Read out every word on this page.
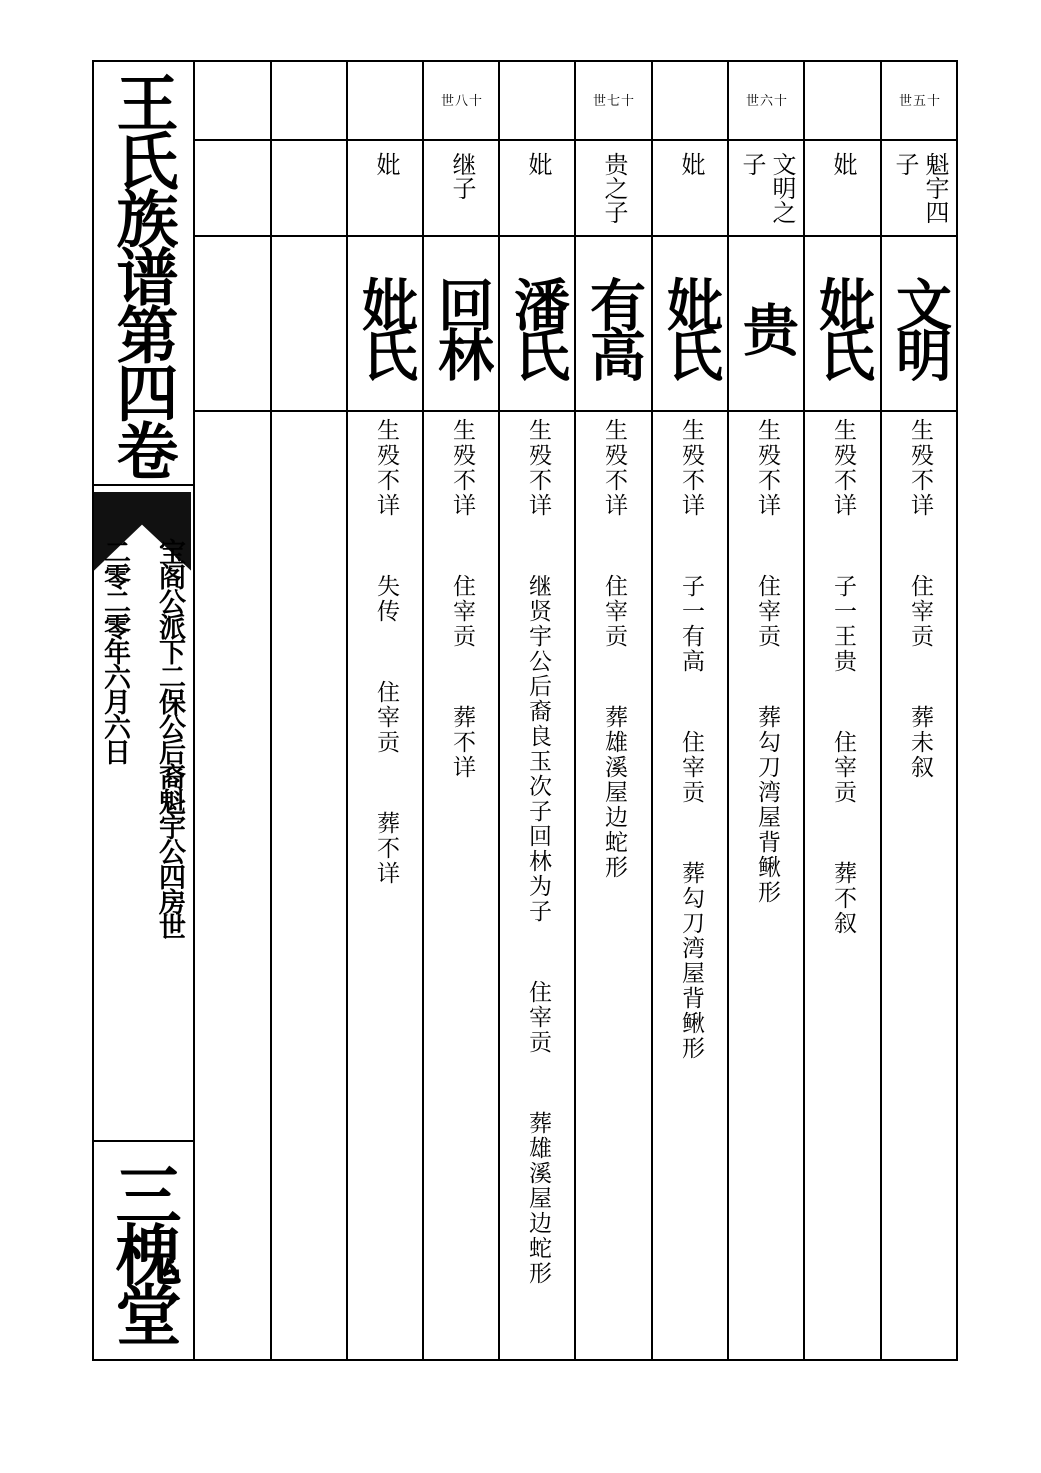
王氏族谱第四卷
宝阁公派下二保公后裔魁宇公四房世
二零二零年六月六日
三槐堂
世五十
魁宇四子
文明
生殁不详  住宰贡  葬未叙
妣
妣氏
生殁不详  子一王贵  住宰贡  葬不叙
世六十
文明之子
贵
生殁不详  住宰贡  葬勾刀湾屋背鳅形
妣
妣氏
生殁不详  子一有高  住宰贡  葬勾刀湾屋背鳅形
世七十
贵之子
有高
生殁不详  住宰贡  葬雄溪屋边蛇形
妣
潘氏
生殁不详  继贤宇公后裔良玉次子回林为子  住宰贡  葬雄溪屋边蛇形
世八十
继子
回林
生殁不详  住宰贡  葬不详
妣
妣氏
生殁不详  失传  住宰贡  葬不详
